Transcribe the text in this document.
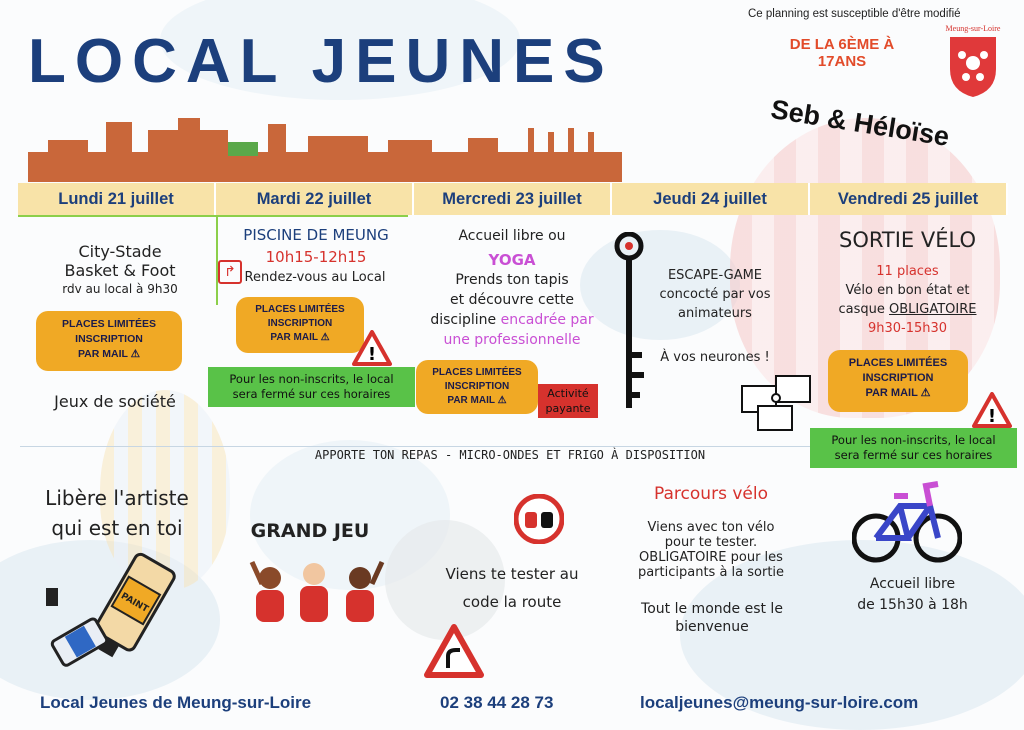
LOCAL JEUNES
Ce planning est susceptible d'être modifié
DE LA 6ÈME À
17ANS
Seb & Héloïse
Meung-sur-Loire
Lundi 21 juillet	Mardi 22 juillet	Mercredi 23 juillet	Jeudi 24 juillet	Vendredi 25 juillet
City-Stade
Basket & Foot
rdv au local à 9h30
PLACES LIMITÉES
INSCRIPTION
PAR MAIL ⚠
Jeux de société
PISCINE DE MEUNG
10h15-12h15
↱ Rendez-vous au Local
PLACES LIMITÉES
INSCRIPTION
PAR MAIL ⚠
!
Pour les non-inscrits, le local
sera fermé sur ces horaires
Accueil libre ou
YOGA
Prends ton tapis
et découvre cette
discipline encadrée par
une professionnelle
PLACES LIMITÉES
INSCRIPTION
PAR MAIL ⚠
Activité
payante
ESCAPE-GAME
concocté par vos
animateurs
À vos neurones !
SORTIE VÉLO
11 places
Vélo en bon état et
casque OBLIGATOIRE
9h30-15h30
PLACES LIMITÉES
INSCRIPTION
PAR MAIL ⚠
!
Pour les non-inscrits, le local
sera fermé sur ces horaires
APPORTE TON REPAS - MICRO-ONDES ET FRIGO À DISPOSITION
Libère l'artiste
qui est en toi
PAINT
GRAND JEU
Viens te tester au
code la route
Parcours vélo
Viens avec ton vélo
pour te tester.
OBLIGATOIRE pour les
participants à la sortie
Tout le monde est le
bienvenue
Accueil libre
de 15h30 à 18h
Local Jeunes de Meung-sur-Loire	02 38 44 28 73	localjeunes@meung-sur-loire.com
